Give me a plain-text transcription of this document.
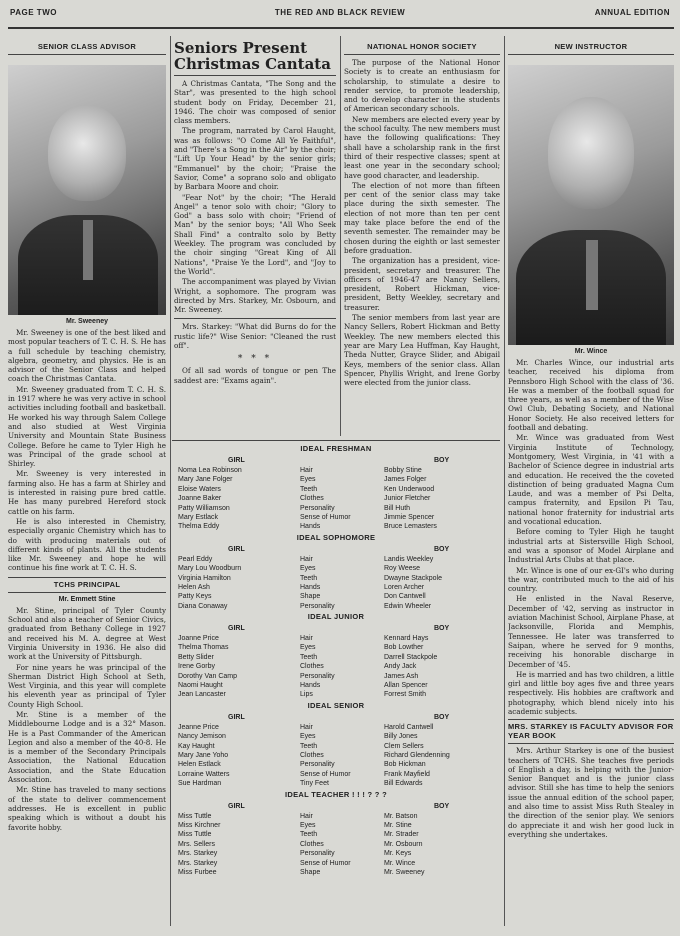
PAGE TWO	THE RED AND BLACK REVIEW	ANNUAL EDITION
SENIOR CLASS ADVISOR
Mr. Sweeney

Mr. Sweeney is one of the best liked and most popular teachers of T. C. H. S. He has a full schedule by teaching chemistry, algebra, geometry, and physics. He is an advisor of the Senior Class and helped coach the Christmas Cantata.

Mr. Sweeney graduated from T. C. H. S. in 1917 where he was very active in school activities including football and basketball. He worked his way through Salem College and also studied at West Virginia University and Mountain State Business College. Before he came to Tyler High he was Principal of the grade school at Shirley.

Mr. Sweeney is very interested in farming also. He has a farm at Shirley and is interested in raising pure bred cattle. He has many purebred Hereford stock cattle on his farm.

He is also interested in Chemistry, especially organic Chemistry which has to do with producing materials out of different kinds of plants. All the students like Mr. Sweeney and hope he will continue his fine work at T. C. H. S.

TCHS PRINCIPAL
Mr. Emmett Stine

Mr. Stine, principal of Tyler County School and also a teacher of Senior Civics, graduated from Bethany College in 1927 and received his M. A. degree at West Virginia University in 1936. He also did work at the University of Pittsburgh.

For nine years he was principal of the Sherman District High School at Seth, West Virginia, and this year will complete his eleventh year as principal of Tyler County High School.

Mr. Stine is a member of the Middlebourne Lodge and is a 32° Mason. He is a Past Commander of the American Legion and also a member of the 40-8. He is a member of the Secondary Principals Association, the National Education Association, and the State Education Association.

Mr. Stine has traveled to many sections of the state to deliver commencement addresses. He is excellent in public speaking which is without a doubt his favorite hobby.

Seniors Present Christmas Cantata

A Christmas Cantata, "The Song and the Star", was presented to the high school student body on Friday, December 21, 1946. The choir was composed of senior class members.

The program, narrated by Carol Haught, was as follows: "O Come All Ye Faithful", and "There's a Song in the Air" by the choir; "Lift Up Your Head" by the senior girls; "Emmanuel" by the choir; "Praise the Savior, Come" a soprano solo and obligato by Barbara Moore and choir.

"Fear Not" by the choir; "The Herald Angel" a tenor solo with choir; "Glory to God" a bass solo with choir; "Friend of Man" by the senior boys; "All Who Seek Shall Find" a contralto solo by Betty Weekley. The program was concluded by the choir singing "Great King of All Nations", "Praise Ye the Lord", and "Joy to the World".

The accompaniment was played by Vivian Wright, a sophomore. The program was directed by Mrs. Starkey, Mr. Osbourn, and Mr. Sweeney.

Mrs. Starkey: "What did Burns do for the rustic life?" Wise Senior: "Cleaned the rust off".

* * *

Of all sad words of tongue or pen The saddest are: "Exams again".

NATIONAL HONOR SOCIETY

The purpose of the National Honor Society is to create an enthusiasm for scholarship, to stimulate a desire to render service, to promote leadership, and to develop character in the students of American secondary schools.

New members are elected every year by the school faculty. The new members must have the following qualifications: They shall have a scholarship rank in the first third of their respective classes; spent at least one year in the secondary school; have good character, and leadership.

The election of not more than fifteen per cent of the senior class may take place during the sixth semester. The election of not more than ten per cent may take place before the end of the seventh semester. The remainder may be chosen during the eighth or last semester before graduation.

The organization has a president, vice-president, secretary and treasurer. The officers of 1946-47 are Nancy Sellers, president, Robert Hickman, vice-president, Betty Weekley, secretary and treasurer.

The senior members from last year are Nancy Sellers, Robert Hickman and Betty Weekley. The new members elected this year are Mary Lea Huffman, Kay Haught, Theda Nutter, Grayce Slider, and Abigail Keys, members of the senior class. Allan Spencer, Phyllis Wright, and Irene Gorby were elected from the junior class.

IDEAL FRESHMAN
GIRL	BOY
Noma Lea Robinson	Hair	Bobby Stine
Mary Jane Folger	Eyes	James Folger
Eloise Waters	Teeth	Ken Underwood
Joanne Baker	Clothes	Junior Fletcher
Patty Williamson	Personality	Bill Huth
Mary Estlack	Sense of Humor	Jimmie Spencer
Thelma Eddy	Hands	Bruce Lemasters
IDEAL SOPHOMORE
GIRL	BOY
Pearl Eddy	Hair	Landis Weekley
Mary Lou Woodburn	Eyes	Roy Weese
Virginia Hamilton	Teeth	Dwayne Stackpole
Helen Ash	Hands	Loren Archer
Patty Keys	Shape	Don Cantwell
Diana Conaway	Personality	Edwin Wheeler
IDEAL JUNIOR
GIRL	BOY
Joanne Price	Hair	Kennard Hays
Thelma Thomas	Eyes	Bob Lowther
Betty Slider	Teeth	Darrell Stackpole
Irene Gorby	Clothes	Andy Jack
Dorothy Van Camp	Personality	James Ash
Naomi Haught	Hands	Allan Spencer
Jean Lancaster	Lips	Forrest Smith
IDEAL SENIOR
GIRL	BOY
Jeanne Price	Hair	Harold Cantwell
Nancy Jemison	Eyes	Billy Jones
Kay Haught	Teeth	Clem Sellers
Mary Jane Yoho	Clothes	Richard Glendenning
Helen Estlack	Personality	Bob Hickman
Lorraine Watters	Sense of Humor	Frank Mayfield
Sue Hardman	Tiny Feet	Bill Edwards
IDEAL TEACHER ! ! ! ? ? ?
GIRL	BOY
Miss Tuttle	Hair	Mr. Batson
Miss Kirchner	Eyes	Mr. Stine
Miss Tuttle	Teeth	Mr. Strader
Mrs. Sellers	Clothes	Mr. Osbourn
Mrs. Starkey	Personality	Mr. Keys
Mrs. Starkey	Sense of Humor	Mr. Wince
Miss Furbee	Shape	Mr. Sweeney
NEW INSTRUCTOR
Mr. Wince

Mr. Charles Wince, our industrial arts teacher, received his diploma from Pennsboro High School with the class of '36. He was a member of the football squad for three years, as well as a member of the Wise Owl Club, Debating Society, and National Honor Society. He also received letters for football and debating.

Mr. Wince was graduated from West Virginia Institute of Technology, Montgomery, West Virginia, in '41 with a Bachelor of Science degree in industrial arts and education. He received the the coveted distinction of being graduated Magna Cum Laude, and was a member of Psi Delta, campus fraternity, and Epsilon Pi Tau, national honor fraternity for industrial arts and vocational education.

Before coming to Tyler High he taught industrial arts at Sistersville High School, and was a sponsor of Model Airplane and Industrial Arts Clubs at that place.

Mr. Wince is one of our ex-GI's who during the war, contributed much to the aid of his country.

He enlisted in the Naval Reserve, December of '42, serving as instructor in aviation Machinist School, Airplane Phase, at Jacksonville, Florida and Memphis, Tennessee. He later was transferred to Saipan, where he served for 9 months, receiving his honorable discharge in December of '45.

He is married and has two children, a little girl and little boy ages five and three years respectively. His hobbies are craftwork and photography, which blend nicely into his academic subjects.

MRS. STARKEY IS FACULTY ADVISOR FOR YEAR BOOK

Mrs. Arthur Starkey is one of the busiest teachers of TCHS. She teaches five periods of English a day, is helping with the Junior-Senior Banquet and is the junior class advisor. Still she has time to help the seniors issue the annual edition of the school paper, and also time to assist Miss Ruth Stealey in the direction of the senior play. We seniors do appreciate it and wish her good luck in everything she undertakes.
